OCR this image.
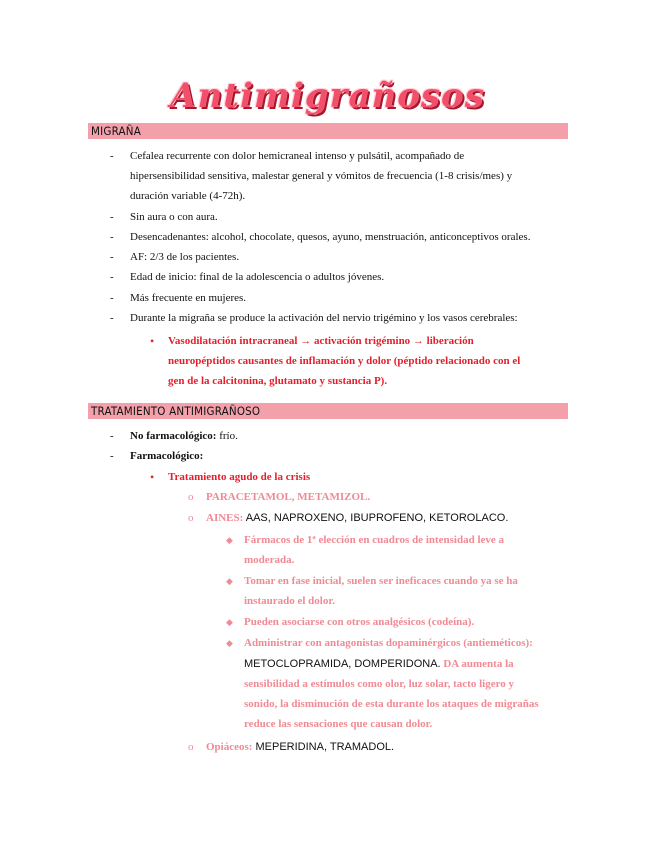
Antimigrañosos
MIGRAÑA
- Cefalea recurrente con dolor hemicraneal intenso y pulsátil, acompañado de
hipersensibilidad sensitiva, malestar general y vómitos de frecuencia (1-8 crisis/mes) y
duración variable (4-72h).
- Sin aura o con aura.
- Desencadenantes: alcohol, chocolate, quesos, ayuno, menstruación, anticonceptivos orales.
- AF: 2/3 de los pacientes.
- Edad de inicio: final de la adolescencia o adultos jóvenes.
- Más frecuente en mujeres.
- Durante la migraña se produce la activación del nervio trigémino y los vasos cerebrales:
• Vasodilatación intracraneal → activación trigémino → liberación
neuropéptidos causantes de inflamación y dolor (péptido relacionado con el
gen de la calcitonina, glutamato y sustancia P).
TRATAMIENTO ANTIMIGRAÑOSO
- No farmacológico: frío.
- Farmacológico:
• Tratamiento agudo de la crisis
o PARACETAMOL, METAMIZOL.
o AINES: AAS, NAPROXENO, IBUPROFENO, KETOROLACO.
◆ Fármacos de 1ª elección en cuadros de intensidad leve a
moderada.
◆ Tomar en fase inicial, suelen ser ineficaces cuando ya se ha
instaurado el dolor.
◆ Pueden asociarse con otros analgésicos (codeína).
◆ Administrar con antagonistas dopaminérgicos (antieméticos):
METOCLOPRAMIDA, DOMPERIDONA. DA aumenta la
sensibilidad a estímulos como olor, luz solar, tacto ligero y
sonido, la disminución de esta durante los ataques de migrañas
reduce las sensaciones que causan dolor.
o Opiáceos: MEPERIDINA, TRAMADOL.
